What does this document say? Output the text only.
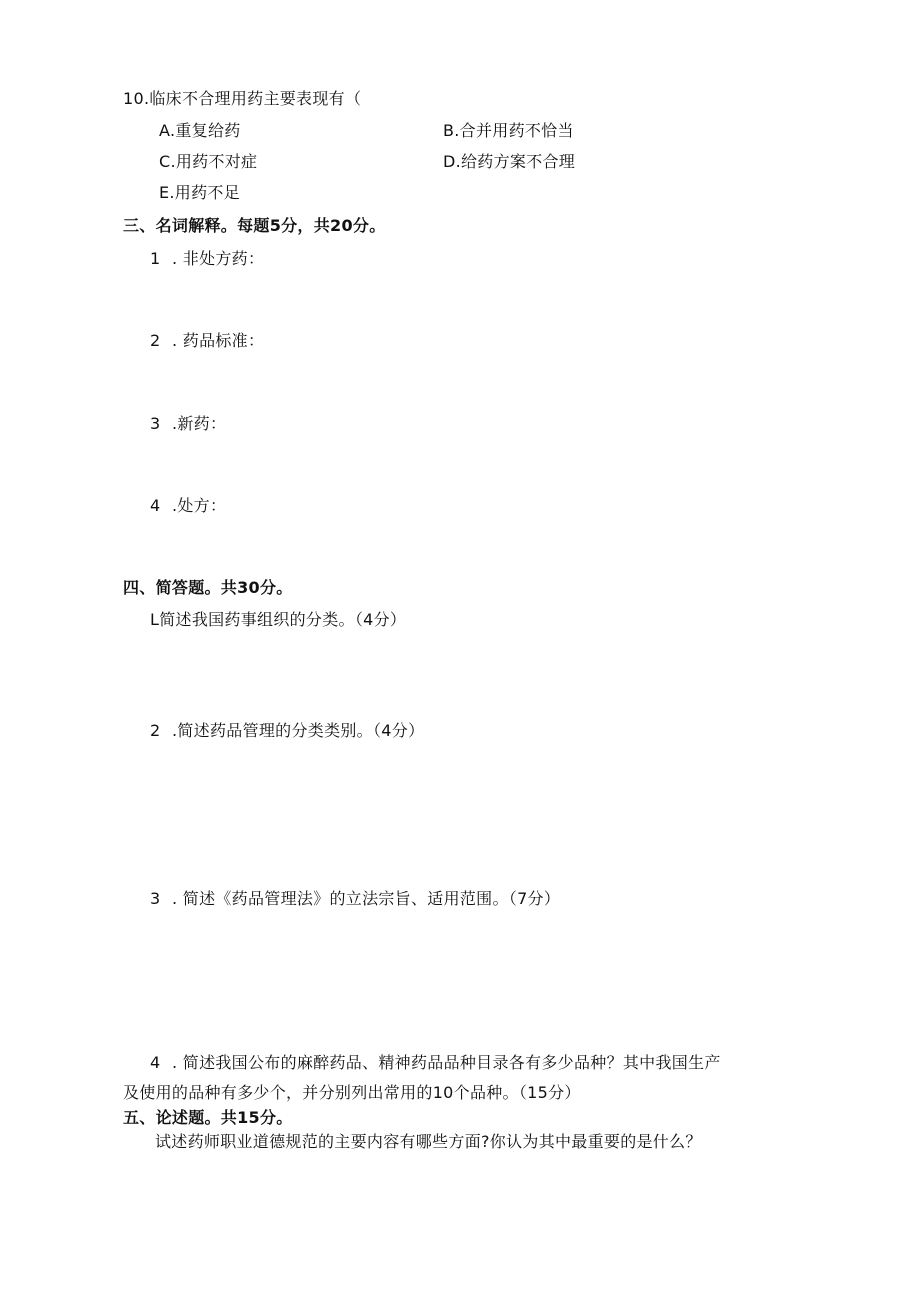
10.临床不合理用药主要表现有（
A.重复给药	B.合并用药不恰当
C.用药不对症	D.给药方案不合理
E.用药不足
三、名词解释。每题5分，共20分。
1 . 非处方药：
2 . 药品标准：
3 .新药：
4 .处方：
四、简答题。共30分。
L简述我国药事组织的分类。（4分）
2 .简述药品管理的分类类别。（4分）
3 . 简述《药品管理法》的立法宗旨、适用范围。（7分）
4 . 简述我国公布的麻醉药品、精神药品品种目录各有多少品种？其中我国生产
及使用的品种有多少个，并分别列出常用的10个品种。（15分）
五、论述题。共15分。
试述药师职业道德规范的主要内容有哪些方面?你认为其中最重要的是什么？
